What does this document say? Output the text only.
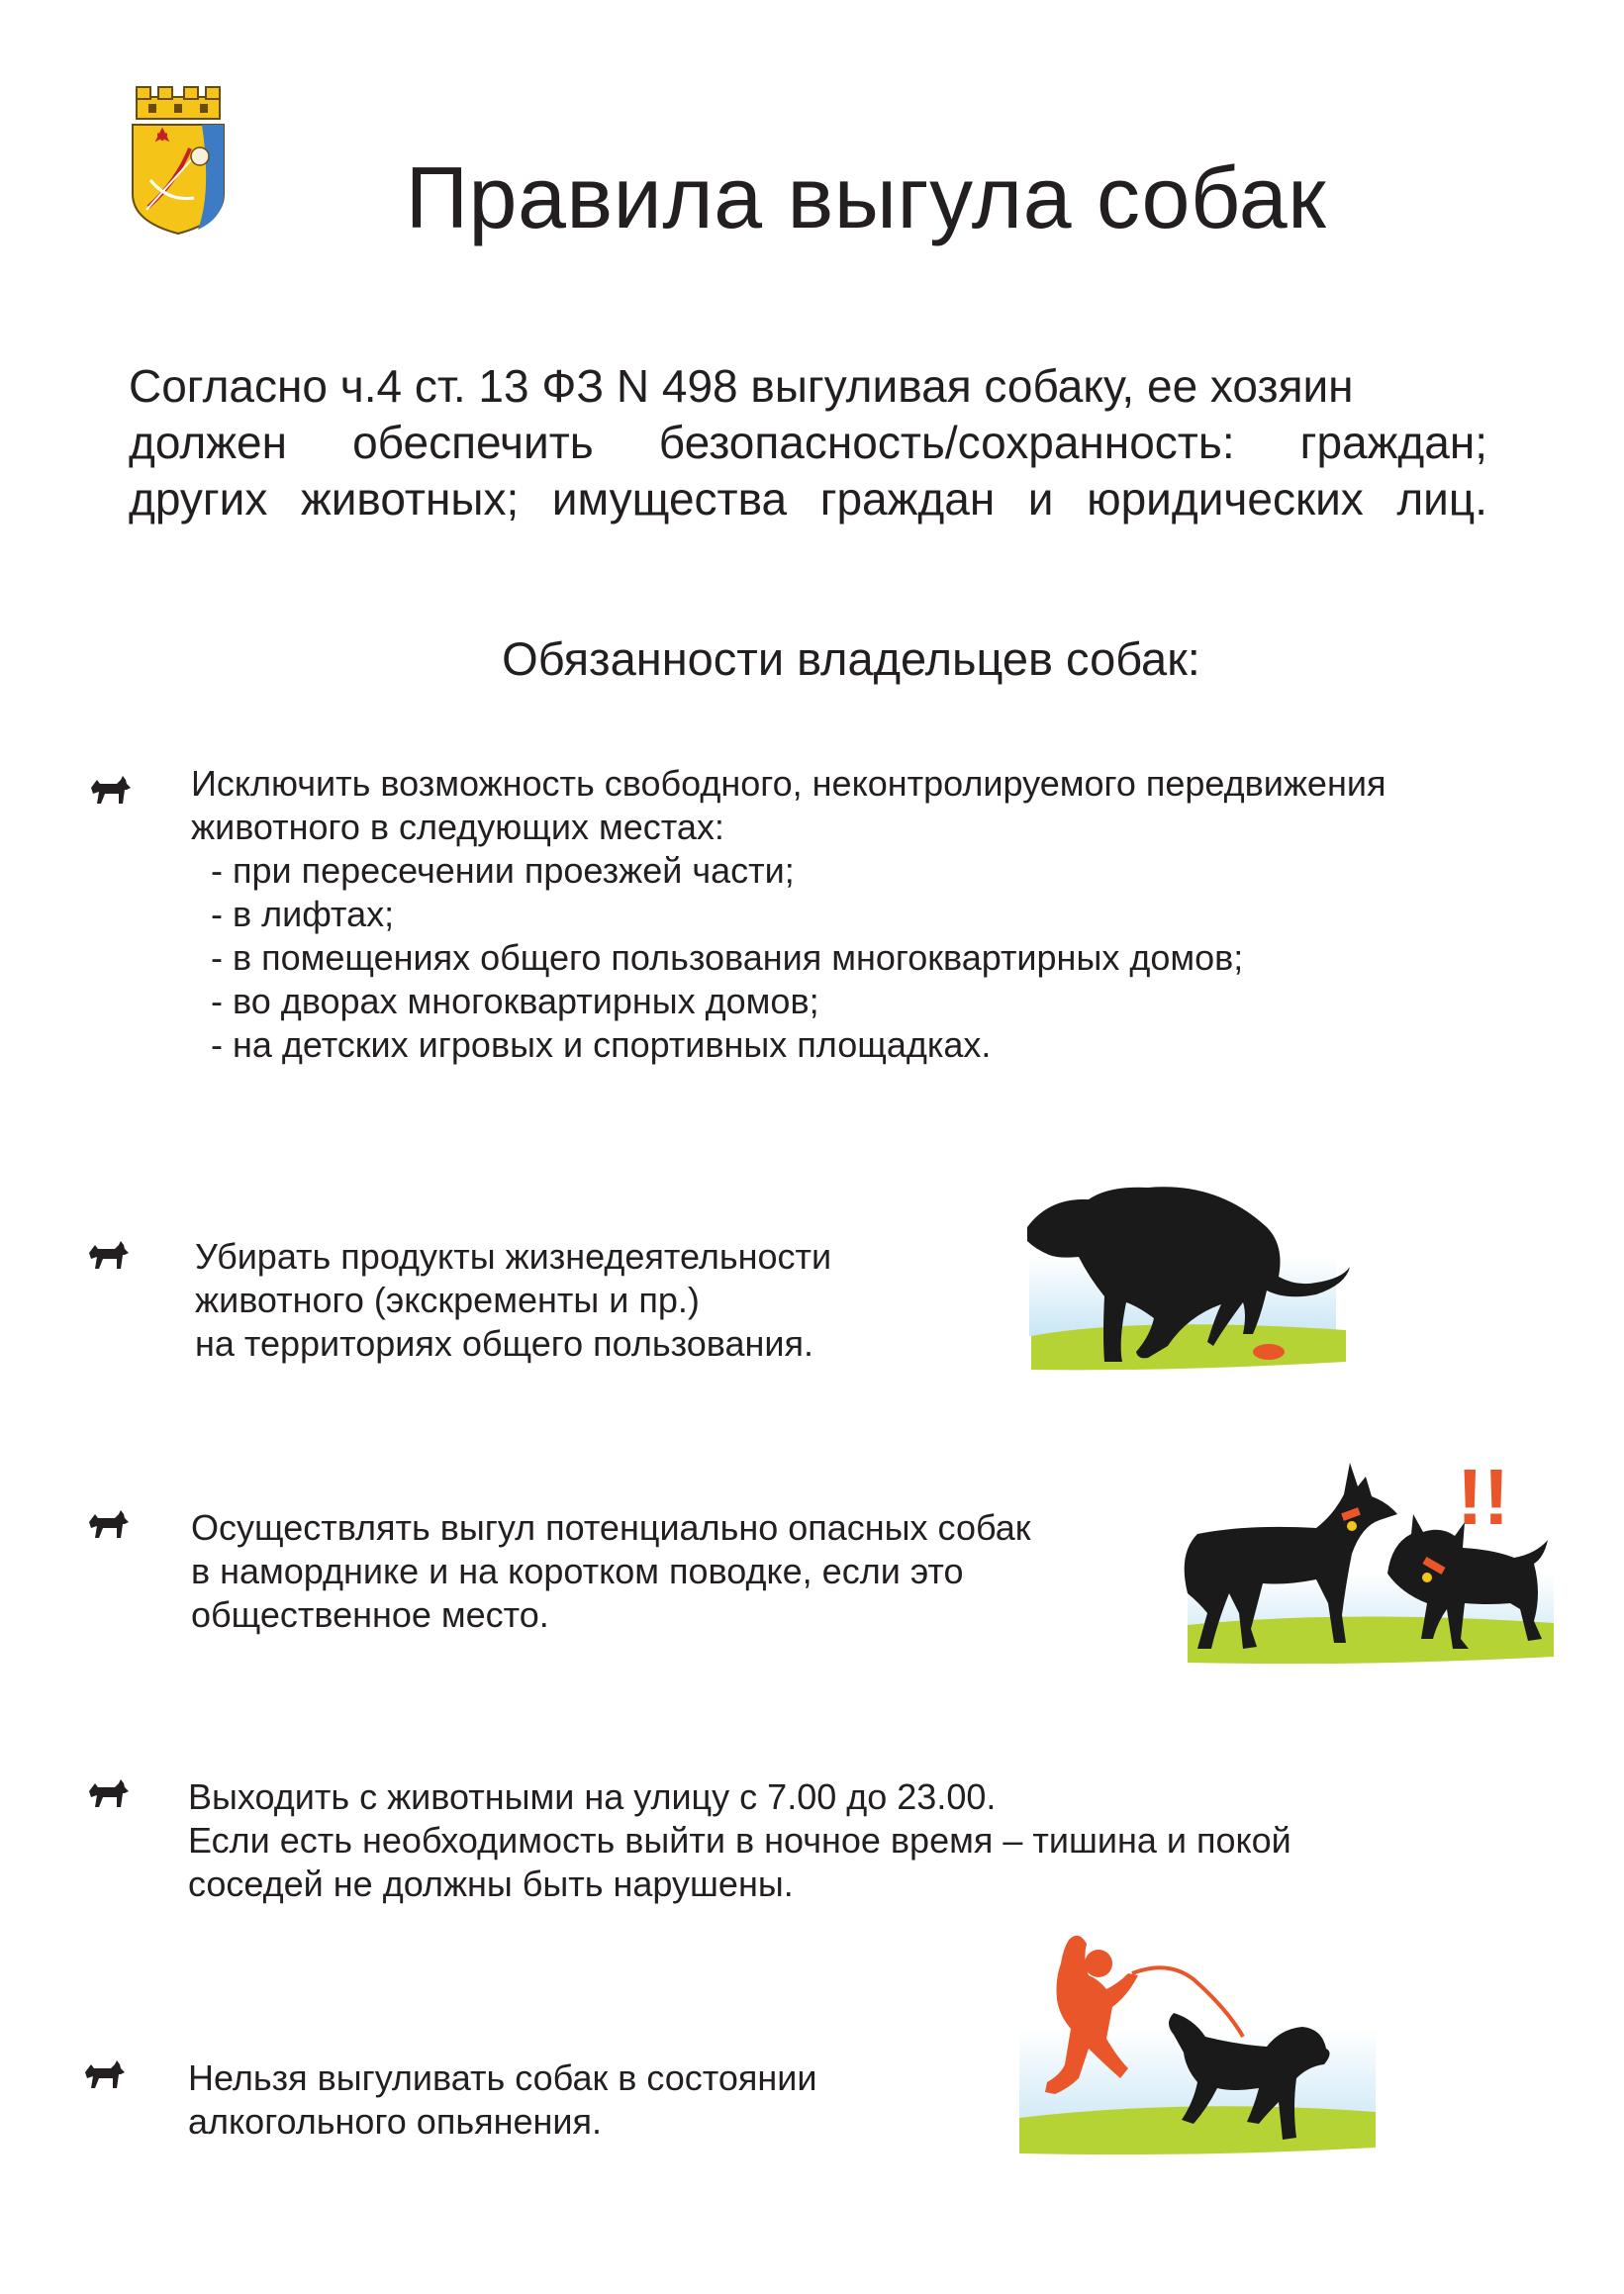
Правила выгула собак

Согласно ч.4 ст. 13 ФЗ N 498 выгуливая собаку, ее хозяин

должен обеспечить безопасность/сохранность: граждан;

других животных; имущества граждан и юридических лиц.

Обязанности владельцев собак:

Исключить возможность свободного, неконтролируемого передвижения

животного в следующих местах:

- при пересечении проезжей части;

- в лифтах;

- в помещениях общего пользования многоквартирных домов;

- во дворах многоквартирных домов;

- на детских игровых и спортивных площадках.

Убирать продукты жизнедеятельности

животного (экскременты и пр.)

на территориях общего пользования.

Осуществлять выгул потенциально опасных собак

в наморднике и на коротком поводке, если это

общественное место.

!!

Выходить с животными на улицу с 7.00 до 23.00.

Если есть необходимость выйти в ночное время – тишина и покой

соседей не должны быть нарушены.

Нельзя выгуливать собак в состоянии

алкогольного опьянения.
